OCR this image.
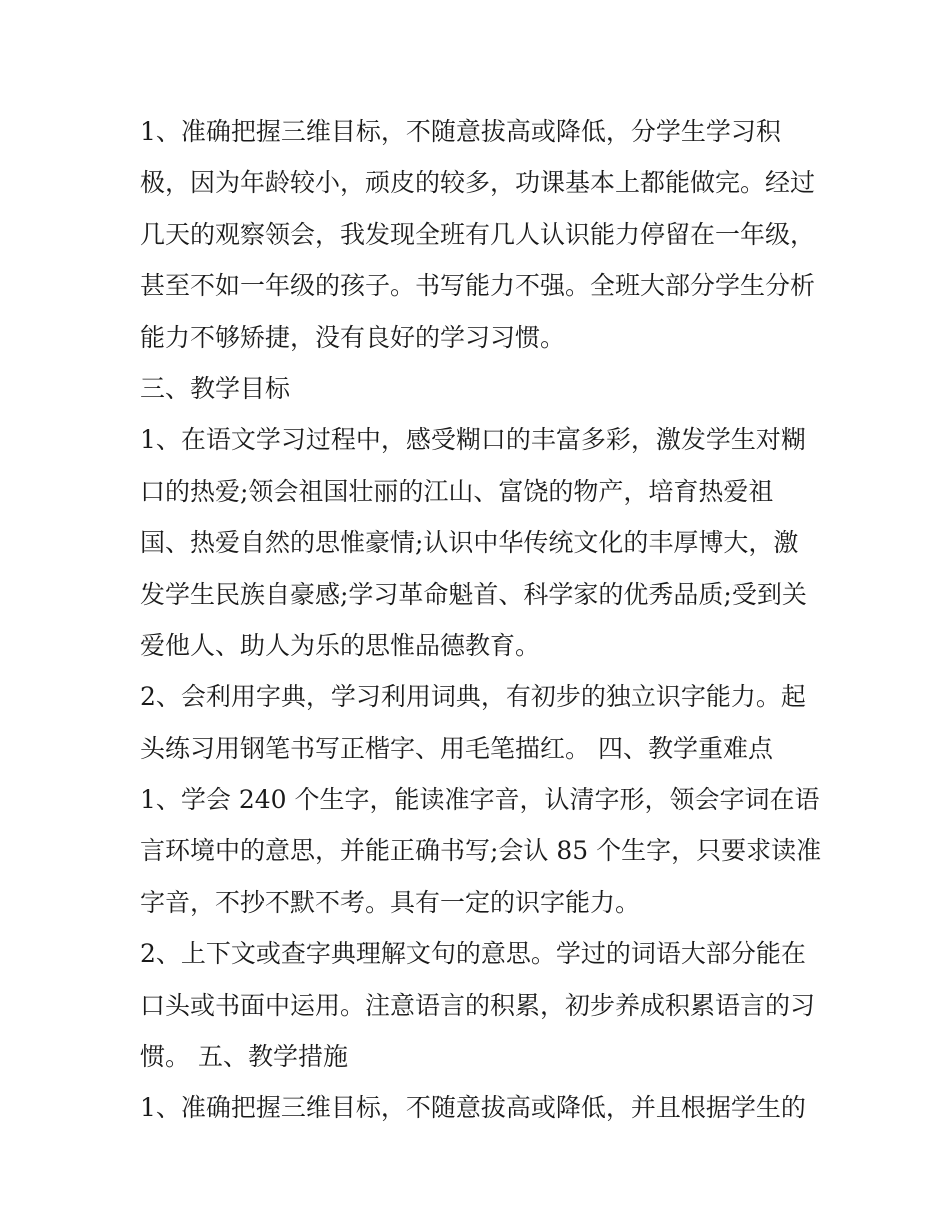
1、准确把握三维目标，不随意拔高或降低，分学生学习积
极，因为年龄较小，顽皮的较多，功课基本上都能做完。经过
几天的观察领会，我发现全班有几人认识能力停留在一年级，
甚至不如一年级的孩子。书写能力不强。全班大部分学生分析
能力不够矫捷，没有良好的学习习惯。
三、教学目标
1、在语文学习过程中，感受糊口的丰富多彩，激发学生对糊
口的热爱;领会祖国壮丽的江山、富饶的物产，培育热爱祖
国、热爱自然的思惟豪情;认识中华传统文化的丰厚博大，激
发学生民族自豪感;学习革命魁首、科学家的优秀品质;受到关
爱他人、助人为乐的思惟品德教育。
2、会利用字典，学习利用词典，有初步的独立识字能力。起
头练习用钢笔书写正楷字、用毛笔描红。 四、教学重难点
1、学会 240 个生字，能读准字音，认清字形，领会字词在语
言环境中的意思，并能正确书写;会认 85 个生字，只要求读准
字音，不抄不默不考。具有一定的识字能力。
2、上下文或查字典理解文句的意思。学过的词语大部分能在
口头或书面中运用。注意语言的积累，初步养成积累语言的习
惯。 五、教学措施
1、准确把握三维目标，不随意拔高或降低，并且根据学生的
